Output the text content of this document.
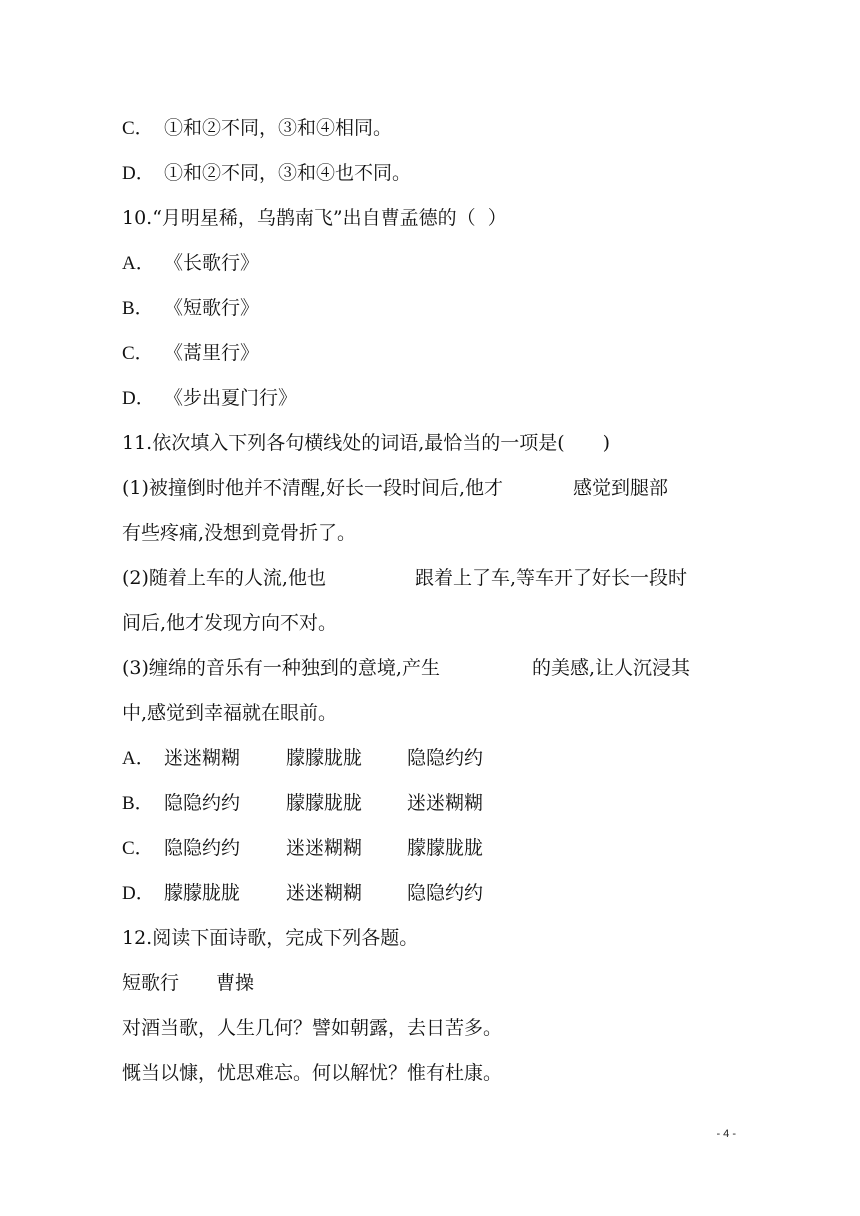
C． ①和②不同，③和④相同。
D． ①和②不同，③和④也不同。
10.“月明星稀，乌鹊南飞”出自曹孟德的（  ）
A． 《长歌行》
B． 《短歌行》
C． 《蒿里行》
D． 《步出夏门行》
11.依次填入下列各句横线处的词语,最恰当的一项是(　　)
(1)被撞倒时他并不清醒,好长一段时间后,他才	感觉到腿部
有些疼痛,没想到竟骨折了。
(2)随着上车的人流,他也	跟着上了车,等车开了好长一段时
间后,他才发现方向不对。
(3)缠绵的音乐有一种独到的意境,产生	的美感,让人沉浸其
中,感觉到幸福就在眼前。
A． 迷迷糊糊 朦朦胧胧 隐隐约约
B． 隐隐约约 朦朦胧胧 迷迷糊糊
C． 隐隐约约 迷迷糊糊 朦朦胧胧
D． 朦朦胧胧 迷迷糊糊 隐隐约约
12.阅读下面诗歌，完成下列各题。
短歌行 曹操
对酒当歌，人生几何？譬如朝露，去日苦多。
慨当以慷，忧思难忘。何以解忧？惟有杜康。
- 4 -
